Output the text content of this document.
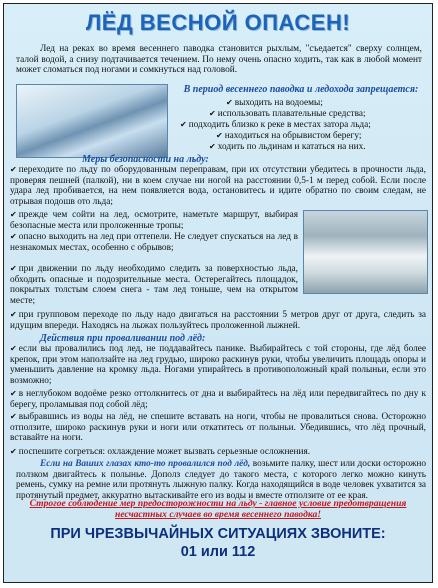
ЛЁД ВЕСНОЙ ОПАСЕН!

Лед на реках во время весеннего паводка становится рыхлым, "съедается" сверху солнцем, талой водой, а снизу подтачивается течением. По нему очень опасно ходить, так как в любой момент может сломаться под ногами и сомкнуться над головой.

В период весеннего паводка и ледохода запрещается:

✔ выходить на водоемы;

✔ использовать плавательные средства;

✔ подходить близко к реке в местах затора льда;

✔ находиться на обрывистом берегу;

✔ ходить по льдинам и кататься на них.

Меры безопасности на льду:

✔ переходите по льду по оборудованным переправам, при их отсутствии убедитесь в прочности льда, проверяя пешней (палкой), ни в коем случае ни ногой на расстоянии 0,5-1 м перед собой. Если после удара лед пробивается, на нем появляется вода, остановитесь и идите обратно по своим следам, не отрывая подошв ото льда;

✔ прежде чем сойти на лед, осмотрите, наметьте маршрут, выбирая безопасные места или проложенные тропы;

✔ опасно выходить на лед при оттепели. Не следует спускаться на лед в незнакомых местах, особенно с обрывов;

✔ при движении по льду необходимо следить за поверхностью льда, обходить опасные и подозрительные места. Остерегайтесь площадок, покрытых толстым слоем снега - там лед тоньше, чем на открытом месте;

✔ при групповом переходе по льду надо двигаться на расстоянии 5 метров друг от друга, следить за идущим впереди. Находясь на лыжах пользуйтесь проложенной лыжней.

Действия при проваливании под лёд:

✔ если вы провалились под лед, не поддавайтесь панике. Выбирайтесь с той стороны, где лёд более крепок, при этом наползайте на лед грудью, широко раскинув руки, чтобы увеличить площадь опоры и уменьшить давление на кромку льда. Ногами упирайтесь в противоположный край полыньи, если это возможно;

✔ в неглубоком водоёме резко оттолкнитесь от дна и выбирайтесь на лёд или передвигайтесь по дну к берегу, проламывая под собой лёд;

✔ выбравшись из воды на лёд, не спешите вставать на ноги, чтобы не провалиться снова. Осторожно отползите, широко раскинув руки и ноги или откатитесь от полыньи. Убедившись, что лёд прочный, вставайте на ноги.

✔ поспешите согреться: охлаждение может вызвать серьезные осложнения.

Если на Ваших глазах кто-то провалился под лёд, возьмите палку, шест или доски осторожно ползком двигайтесь к полынье. Дополз следует до такого места, с которого легко можно кинуть ремень, сумку на ремне или протянуть лыжную палку. Когда находящийся в воде человек ухватится за протянутый предмет, аккуратно вытаскивайте его из воды и вместе отползите от ее края.

Строгое соблюдение мер предосторожности на льду - главное условие предотвращения несчастных случаев во время весеннего паводка!
ПРИ ЧРЕЗВЫЧАЙНЫХ СИТУАЦИЯХ ЗВОНИТЕ:
01 или 112
